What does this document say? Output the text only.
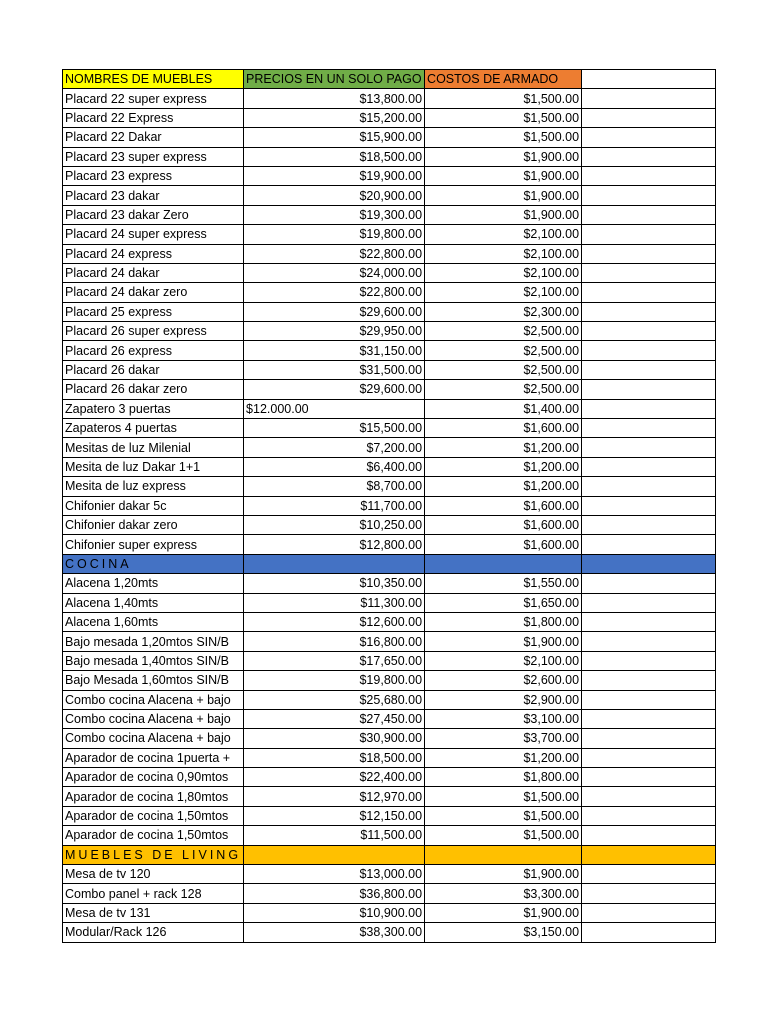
NOMBRES DE MUEBLES	PRECIOS EN UN SOLO PAGO	COSTOS DE ARMADO	
Placard 22 super express	$13,800.00	$1,500.00	
Placard 22 Express	$15,200.00	$1,500.00	
Placard 22 Dakar	$15,900.00	$1,500.00	
Placard 23 super express	$18,500.00	$1,900.00	
Placard 23 express	$19,900.00	$1,900.00	
Placard 23 dakar	$20,900.00	$1,900.00	
Placard 23 dakar Zero	$19,300.00	$1,900.00	
Placard 24 super express	$19,800.00	$2,100.00	
Placard 24 express	$22,800.00	$2,100.00	
Placard 24 dakar	$24,000.00	$2,100.00	
Placard 24 dakar zero	$22,800.00	$2,100.00	
Placard 25 express	$29,600.00	$2,300.00	
Placard 26 super express	$29,950.00	$2,500.00	
Placard 26 express	$31,150.00	$2,500.00	
Placard 26 dakar	$31,500.00	$2,500.00	
Placard 26 dakar zero	$29,600.00	$2,500.00	
Zapatero 3 puertas	$12.000.00	$1,400.00	
Zapateros 4 puertas	$15,500.00	$1,600.00	
Mesitas de luz Milenial	$7,200.00	$1,200.00	
Mesita de luz Dakar 1+1	$6,400.00	$1,200.00	
Mesita de luz express	$8,700.00	$1,200.00	
Chifonier dakar 5c	$11,700.00	$1,600.00	
Chifonier dakar zero	$10,250.00	$1,600.00	
Chifonier super express	$12,800.00	$1,600.00	
COCINA			
Alacena 1,20mts	$10,350.00	$1,550.00	
Alacena 1,40mts	$11,300.00	$1,650.00	
Alacena 1,60mts	$12,600.00	$1,800.00	
Bajo mesada 1,20mtos SIN/B	$16,800.00	$1,900.00	
Bajo mesada 1,40mtos SIN/B	$17,650.00	$2,100.00	
Bajo Mesada 1,60mtos SIN/B	$19,800.00	$2,600.00	
Combo cocina Alacena + bajo	$25,680.00	$2,900.00	
Combo cocina Alacena + bajo	$27,450.00	$3,100.00	
Combo cocina Alacena + bajo	$30,900.00	$3,700.00	
Aparador de cocina 1puerta +	$18,500.00	$1,200.00	
Aparador de cocina 0,90mtos	$22,400.00	$1,800.00	
Aparador de cocina 1,80mtos	$12,970.00	$1,500.00	
Aparador de cocina 1,50mtos	$12,150.00	$1,500.00	
Aparador de cocina 1,50mtos	$11,500.00	$1,500.00	
MUEBLES DE LIVING			
Mesa de tv 120	$13,000.00	$1,900.00	
Combo panel + rack 128	$36,800.00	$3,300.00	
Mesa de tv 131	$10,900.00	$1,900.00	
Modular/Rack 126	$38,300.00	$3,150.00	
